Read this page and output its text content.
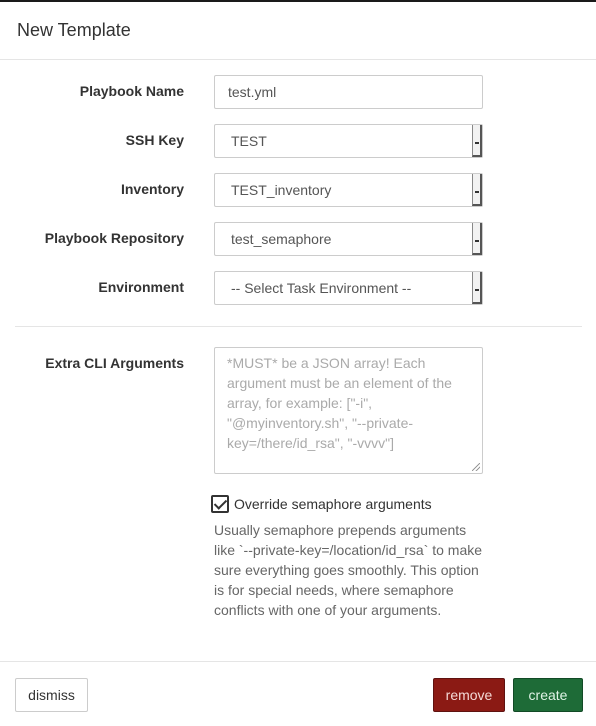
New Template
Playbook Name	test.yml
SSH Key	TEST
Inventory	TEST_inventory
Playbook Repository	test_semaphore
Environment	-- Select Task Environment --
Extra CLI Arguments	*MUST* be a JSON array! Each argument must be an element of the array, for example: ["-i", "@myinventory.sh", "--private-key=/there/id_rsa", "-vvvv"]
Override semaphore arguments
Usually semaphore prepends arguments like `--private-key=/location/id_rsa` to make sure everything goes smoothly. This option is for special needs, where semaphore conflicts with one of your arguments.
dismiss	remove	create
